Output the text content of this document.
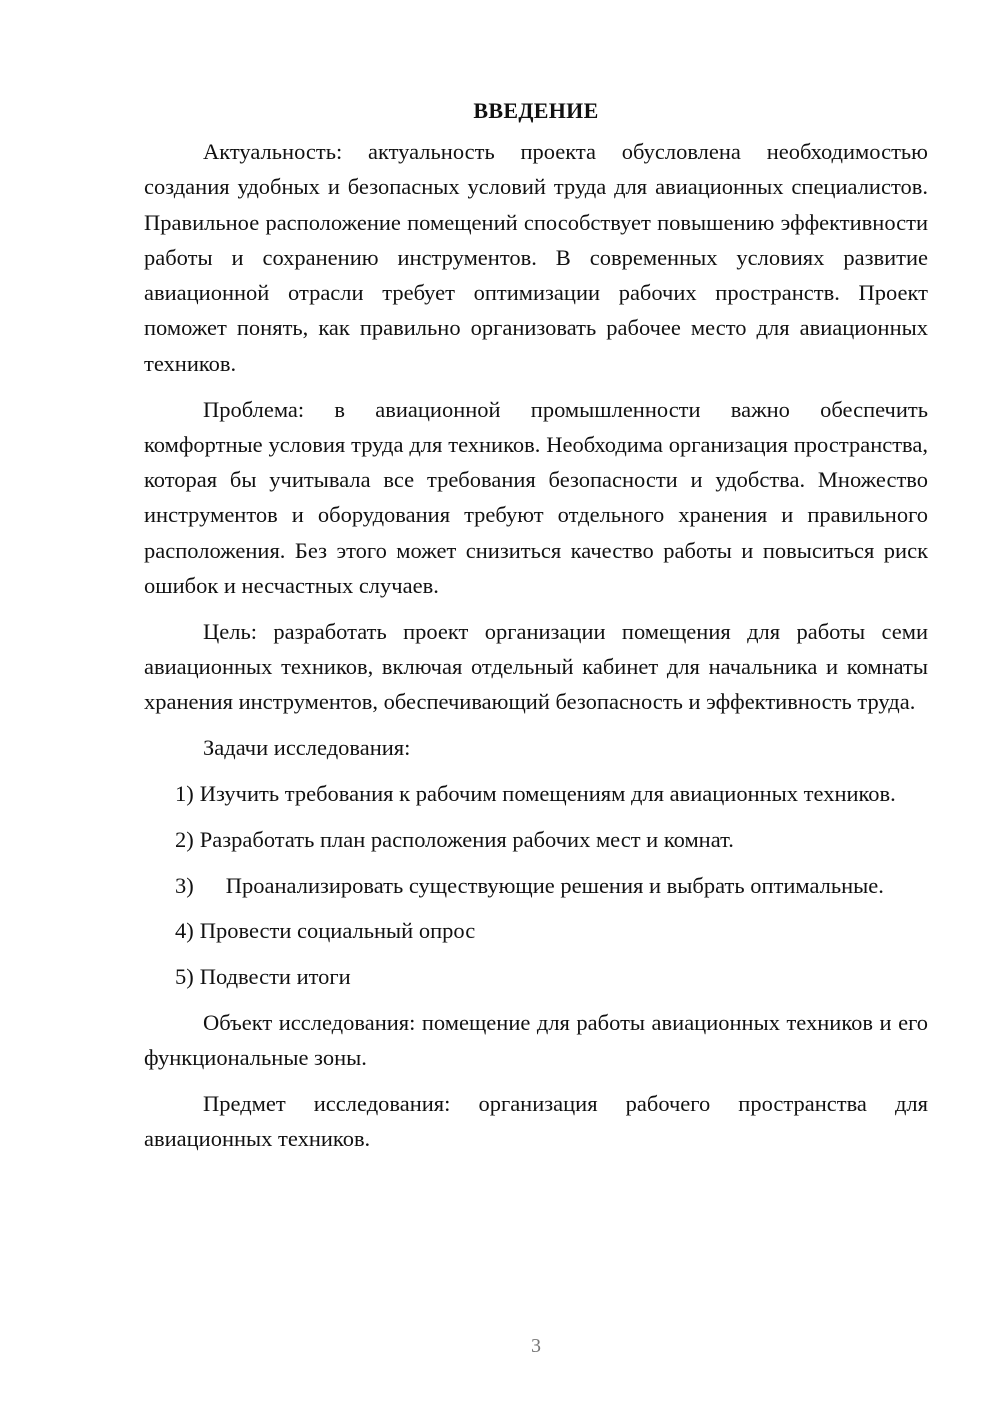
ВВЕДЕНИЕ

Актуальность: актуальность проекта обусловлена необходимостью создания удобных и безопасных условий труда для авиационных специалистов. Правильное расположение помещений способствует повышению эффективности работы и сохранению инструментов. В современных условиях развитие авиационной отрасли требует оптимизации рабочих пространств. Проект поможет понять, как правильно организовать рабочее место для авиационных техников.

Проблема: в авиационной промышленности важно обеспечить комфортные условия труда для техников. Необходима организация пространства, которая бы учитывала все требования безопасности и удобства. Множество инструментов и оборудования требуют отдельного хранения и правильного расположения. Без этого может снизиться качество работы и повыситься риск ошибок и несчастных случаев.

Цель: разработать проект организации помещения для работы семи авиационных техников, включая отдельный кабинет для начальника и комнаты хранения инструментов, обеспечивающий безопасность и эффективность труда.

Задачи исследования:

1) Изучить требования к рабочим помещениям для авиационных техников.
2) Разработать план расположения рабочих мест и комнат.
3) Проанализировать существующие решения и выбрать оптимальные.
4) Провести социальный опрос
5) Подвести итоги

Объект исследования: помещение для работы авиационных техников и его функциональные зоны.

Предмет исследования: организация рабочего пространства для авиационных техников.

3
